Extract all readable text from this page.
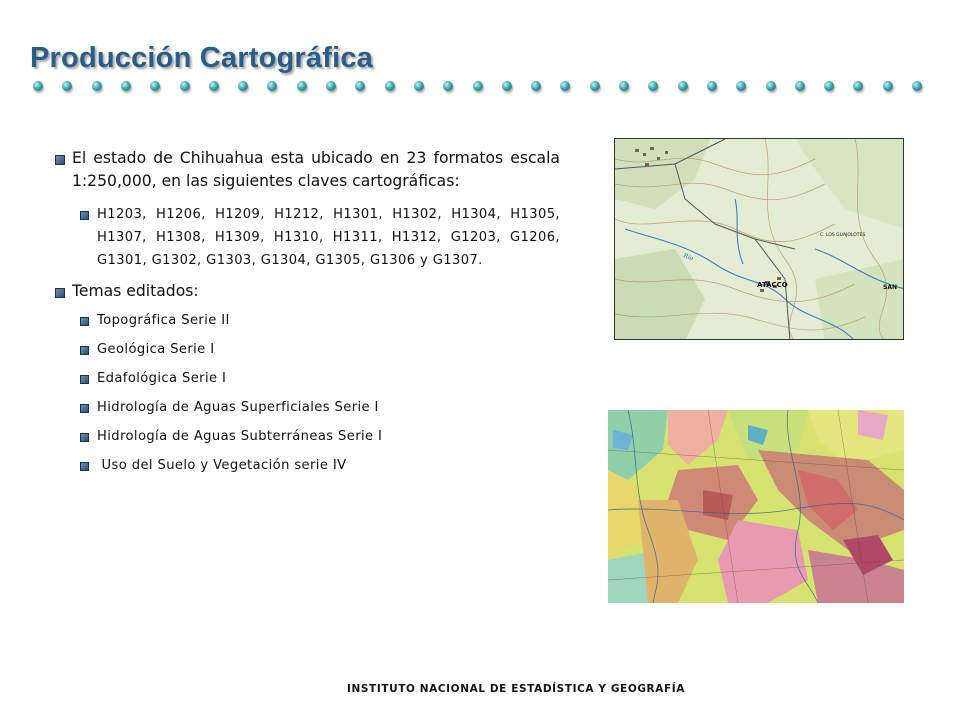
Producción Cartográfica
El estado de Chihuahua esta ubicado en 23 formatos escala 1:250,000, en las siguientes claves cartográficas:
H1203, H1206, H1209, H1212, H1301, H1302, H1304, H1305, H1307, H1308, H1309, H1310, H1311, H1312, G1203, G1206, G1301, G1302, G1303, G1304, G1305, G1306 y G1307.
Temas editados:
Topográfica Serie II
Geológica Serie I
Edafológica Serie I
Hidrología de Aguas Superficiales Serie I
Hidrología de Aguas Subterráneas Serie I
Uso del Suelo y Vegetación serie IV
ATACCO
C. LOS GUAJOLOTES
Río
SAN
INSTITUTO NACIONAL DE ESTADÍSTICA Y GEOGRAFÍA
